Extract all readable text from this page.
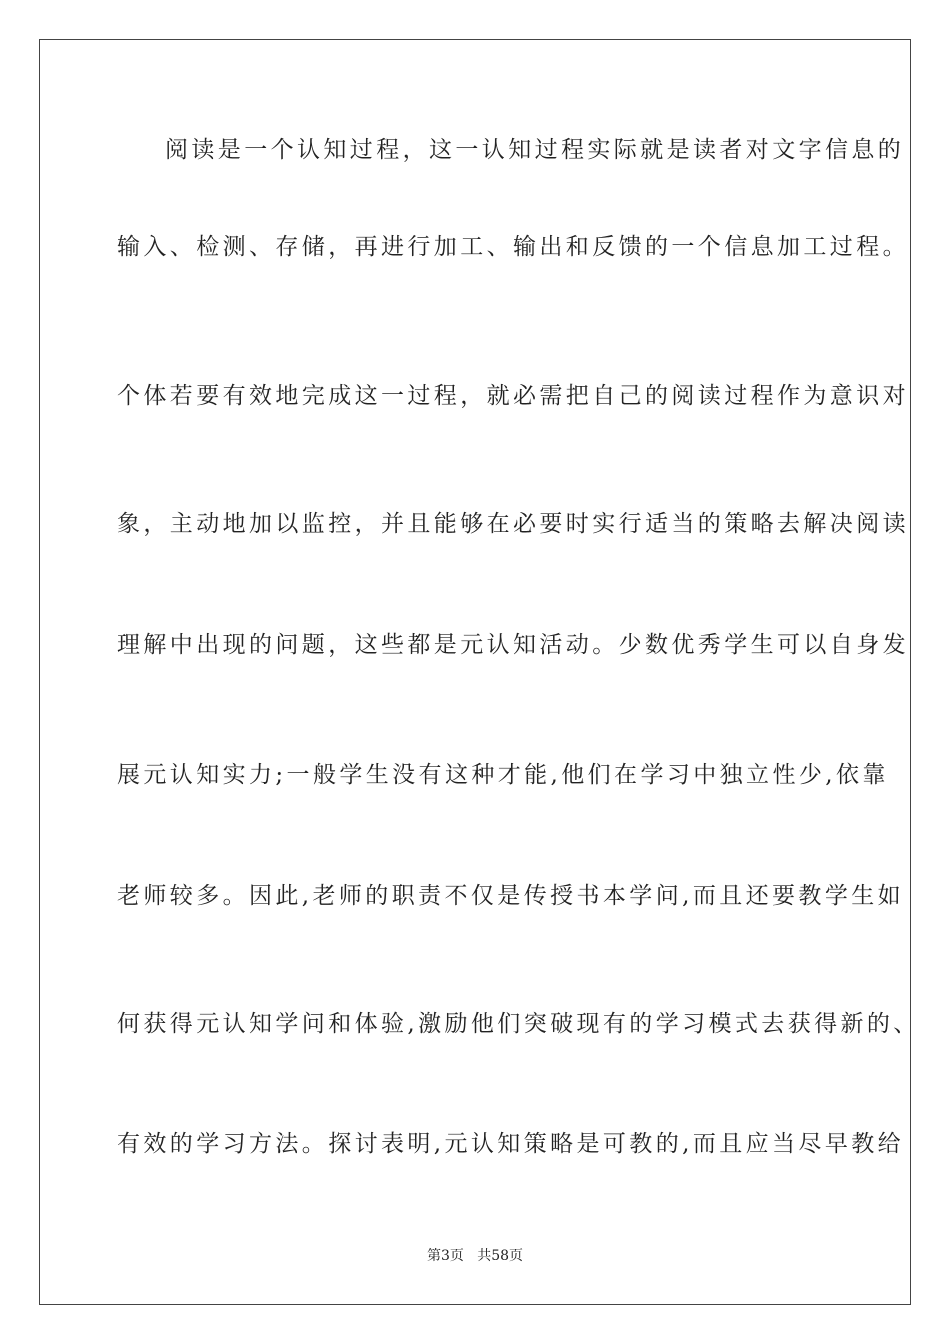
阅读是一个认知过程，这一认知过程实际就是读者对文字信息的
输入、检测、存储，再进行加工、输出和反馈的一个信息加工过程。
个体若要有效地完成这一过程，就必需把自己的阅读过程作为意识对
象，主动地加以监控，并且能够在必要时实行适当的策略去解决阅读
理解中出现的问题，这些都是元认知活动。少数优秀学生可以自身发
展元认知实力;一般学生没有这种才能,他们在学习中独立性少,依靠
老师较多。因此,老师的职责不仅是传授书本学问,而且还要教学生如
何获得元认知学问和体验,激励他们突破现有的学习模式去获得新的、
有效的学习方法。探讨表明,元认知策略是可教的,而且应当尽早教给
第3页   共58页
